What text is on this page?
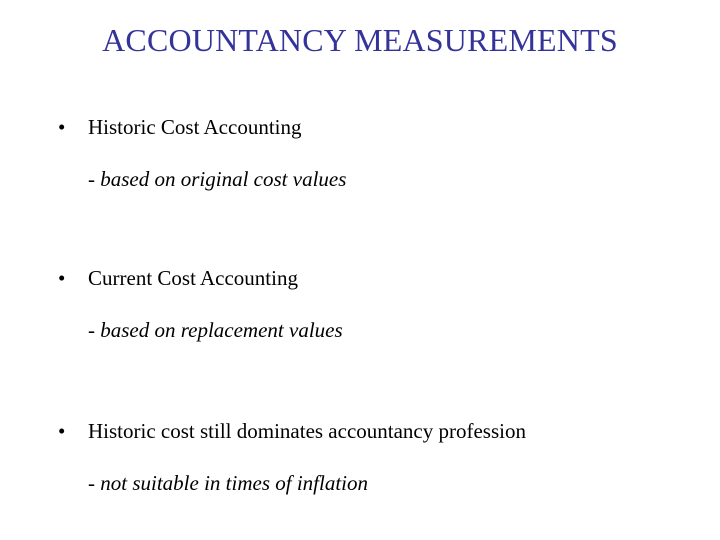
ACCOUNTANCY MEASUREMENTS
• Historic Cost Accounting
- based on original cost values
• Current Cost Accounting
- based on replacement values
• Historic cost still dominates accountancy profession
- not suitable in times of inflation
